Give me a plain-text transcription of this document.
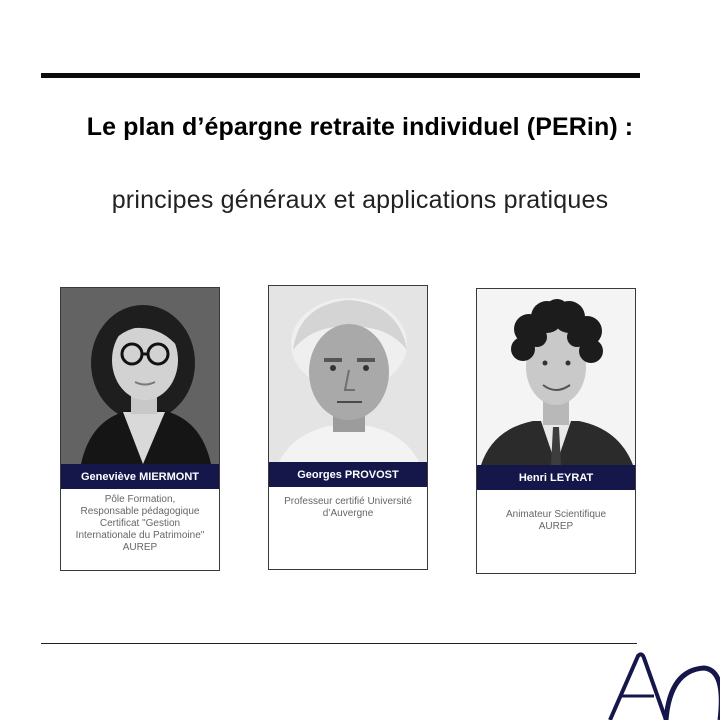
Le plan d’épargne retraite individuel (PERin) :
principes généraux et applications pratiques
Geneviève MIERMONT
Pôle Formation,
Responsable pédagogique
Certificat "Gestion
Internationale du Patrimoine"
AUREP
Georges PROVOST
Professeur certifié Université
d’Auvergne
Henri LEYRAT
Animateur Scientifique
AUREP
